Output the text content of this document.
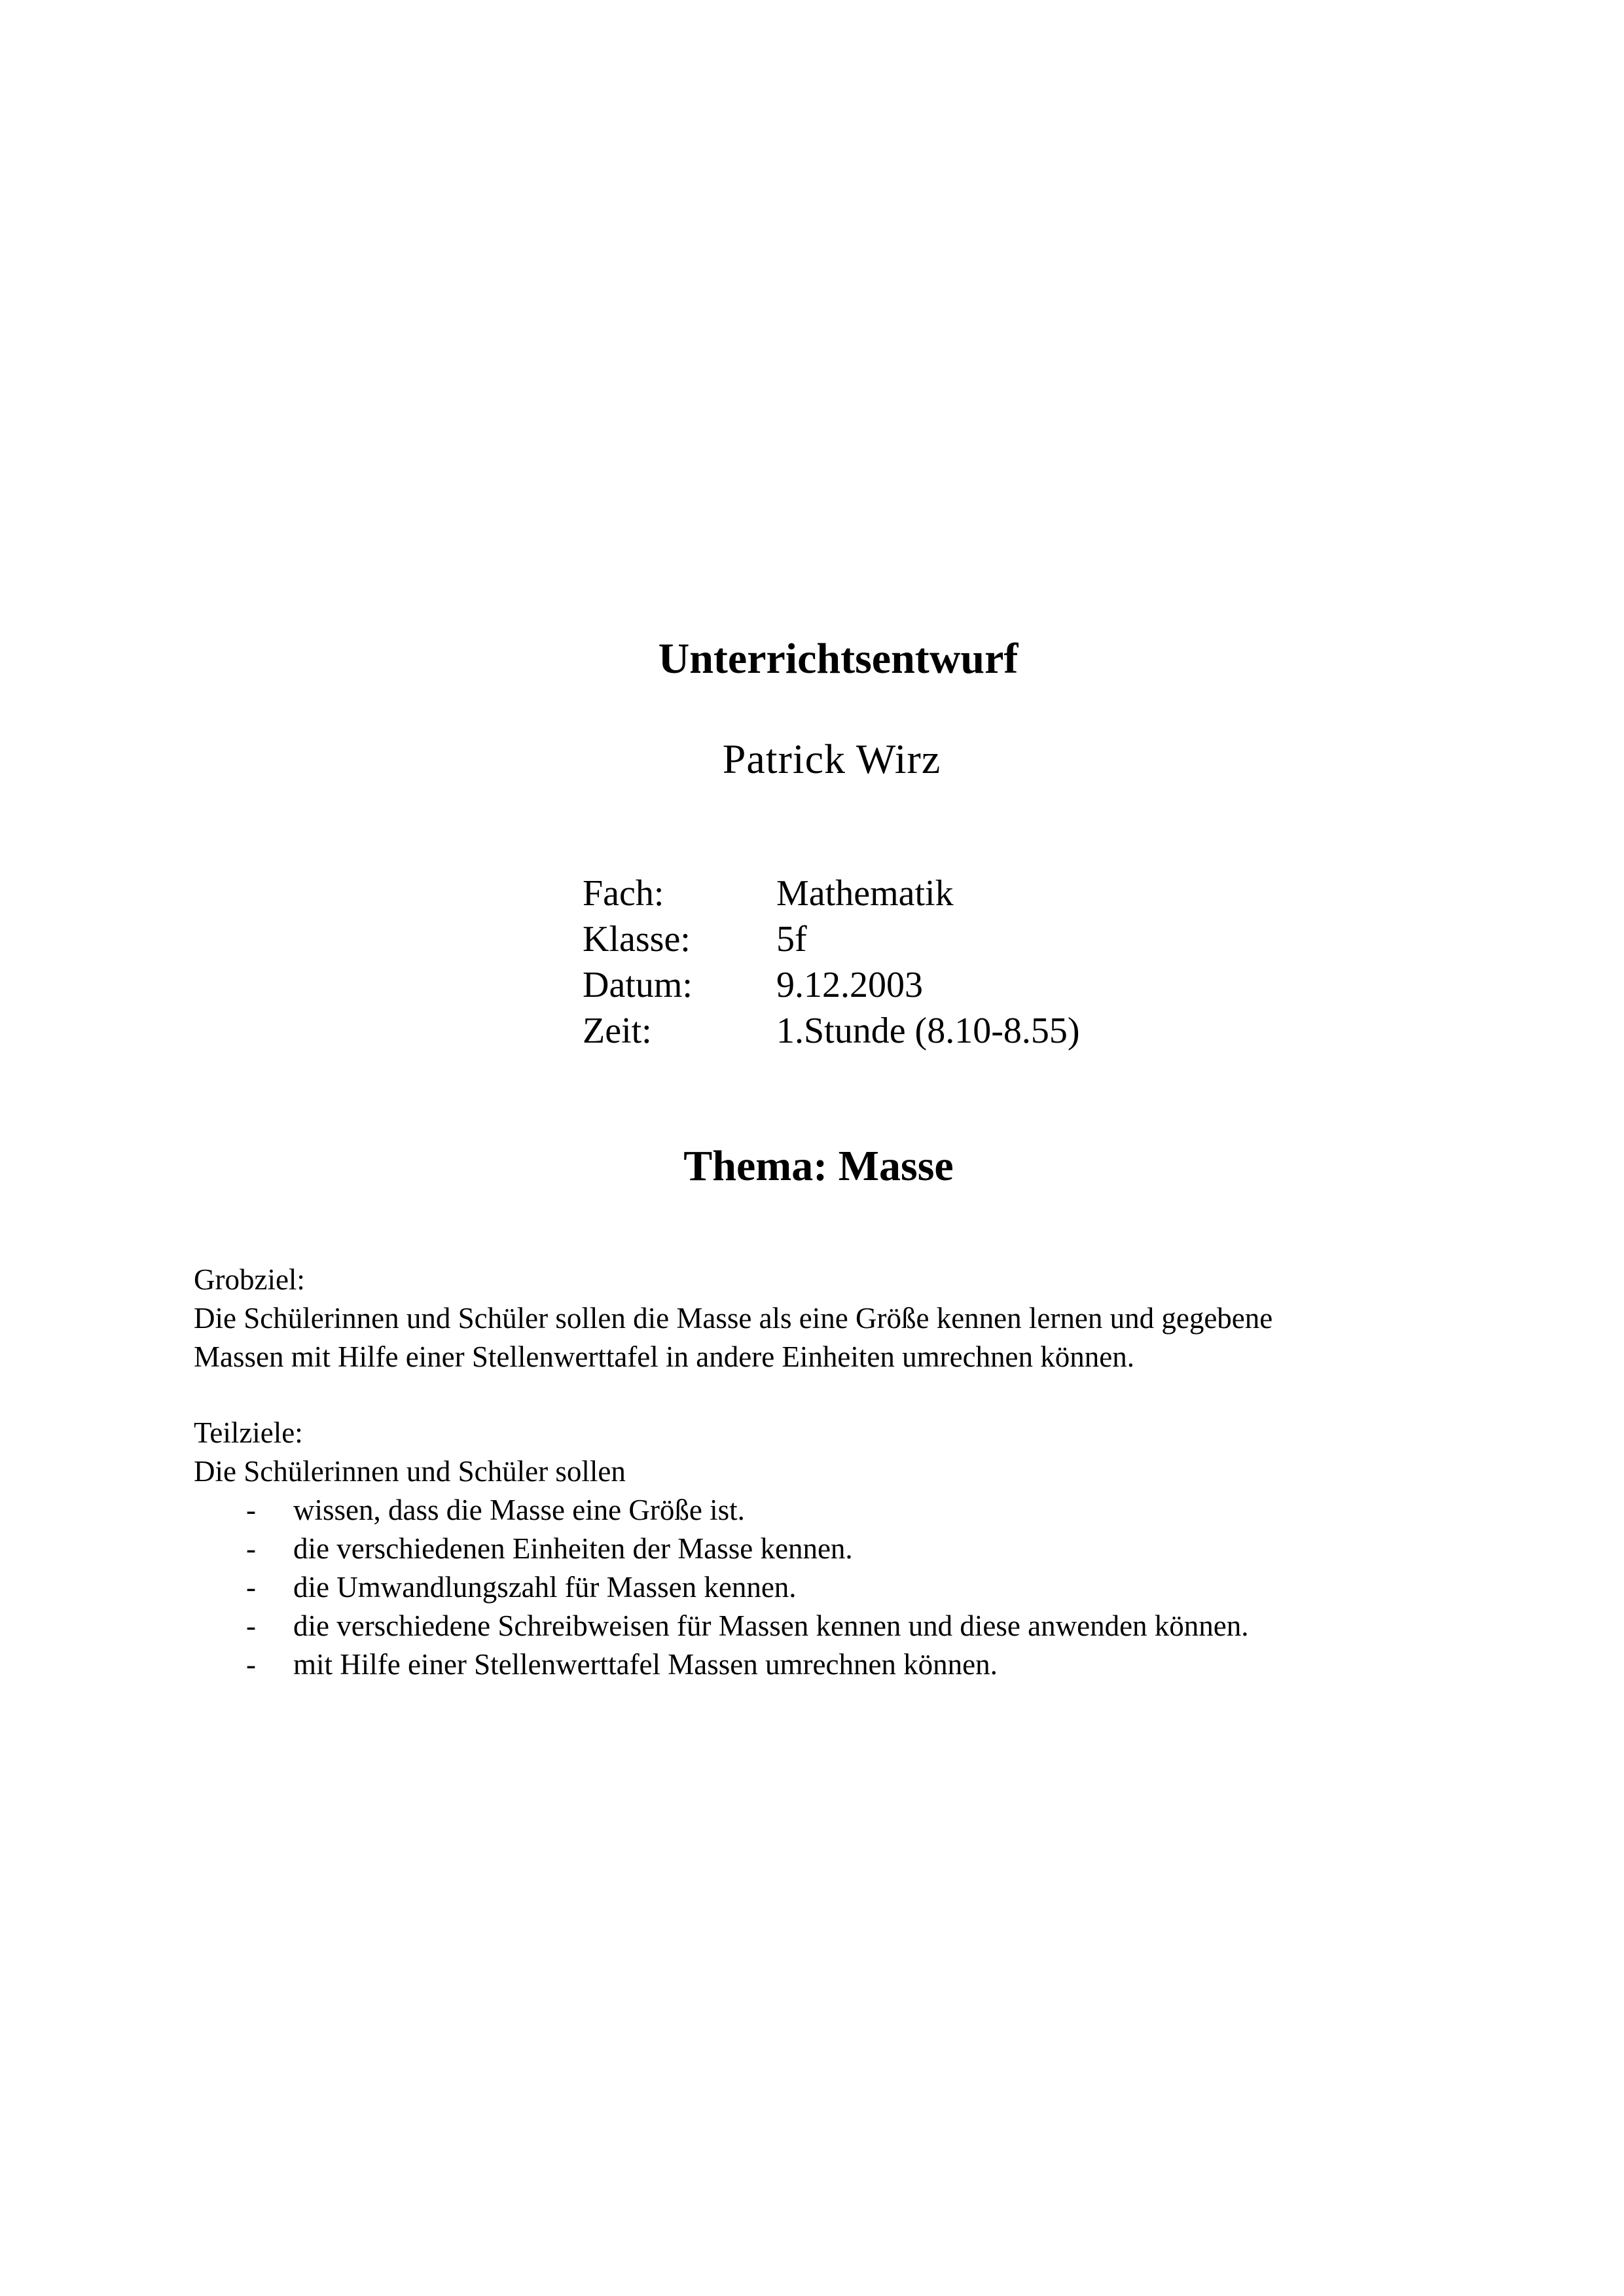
Unterrichtsentwurf
Patrick Wirz
Fach:	Mathematik
Klasse:	5f
Datum:	9.12.2003
Zeit:	1.Stunde (8.10-8.55)
Thema: Masse

Grobziel:

Die Schülerinnen und Schüler sollen die Masse als eine Größe kennen lernen und gegebene

Massen mit Hilfe einer Stellenwerttafel in andere Einheiten umrechnen können.

Teilziele:

Die Schülerinnen und Schüler sollen

- wissen, dass die Masse eine Größe ist.
- die verschiedenen Einheiten der Masse kennen.
- die Umwandlungszahl für Massen kennen.
- die verschiedene Schreibweisen für Massen kennen und diese anwenden können.
- mit Hilfe einer Stellenwerttafel Massen umrechnen können.
